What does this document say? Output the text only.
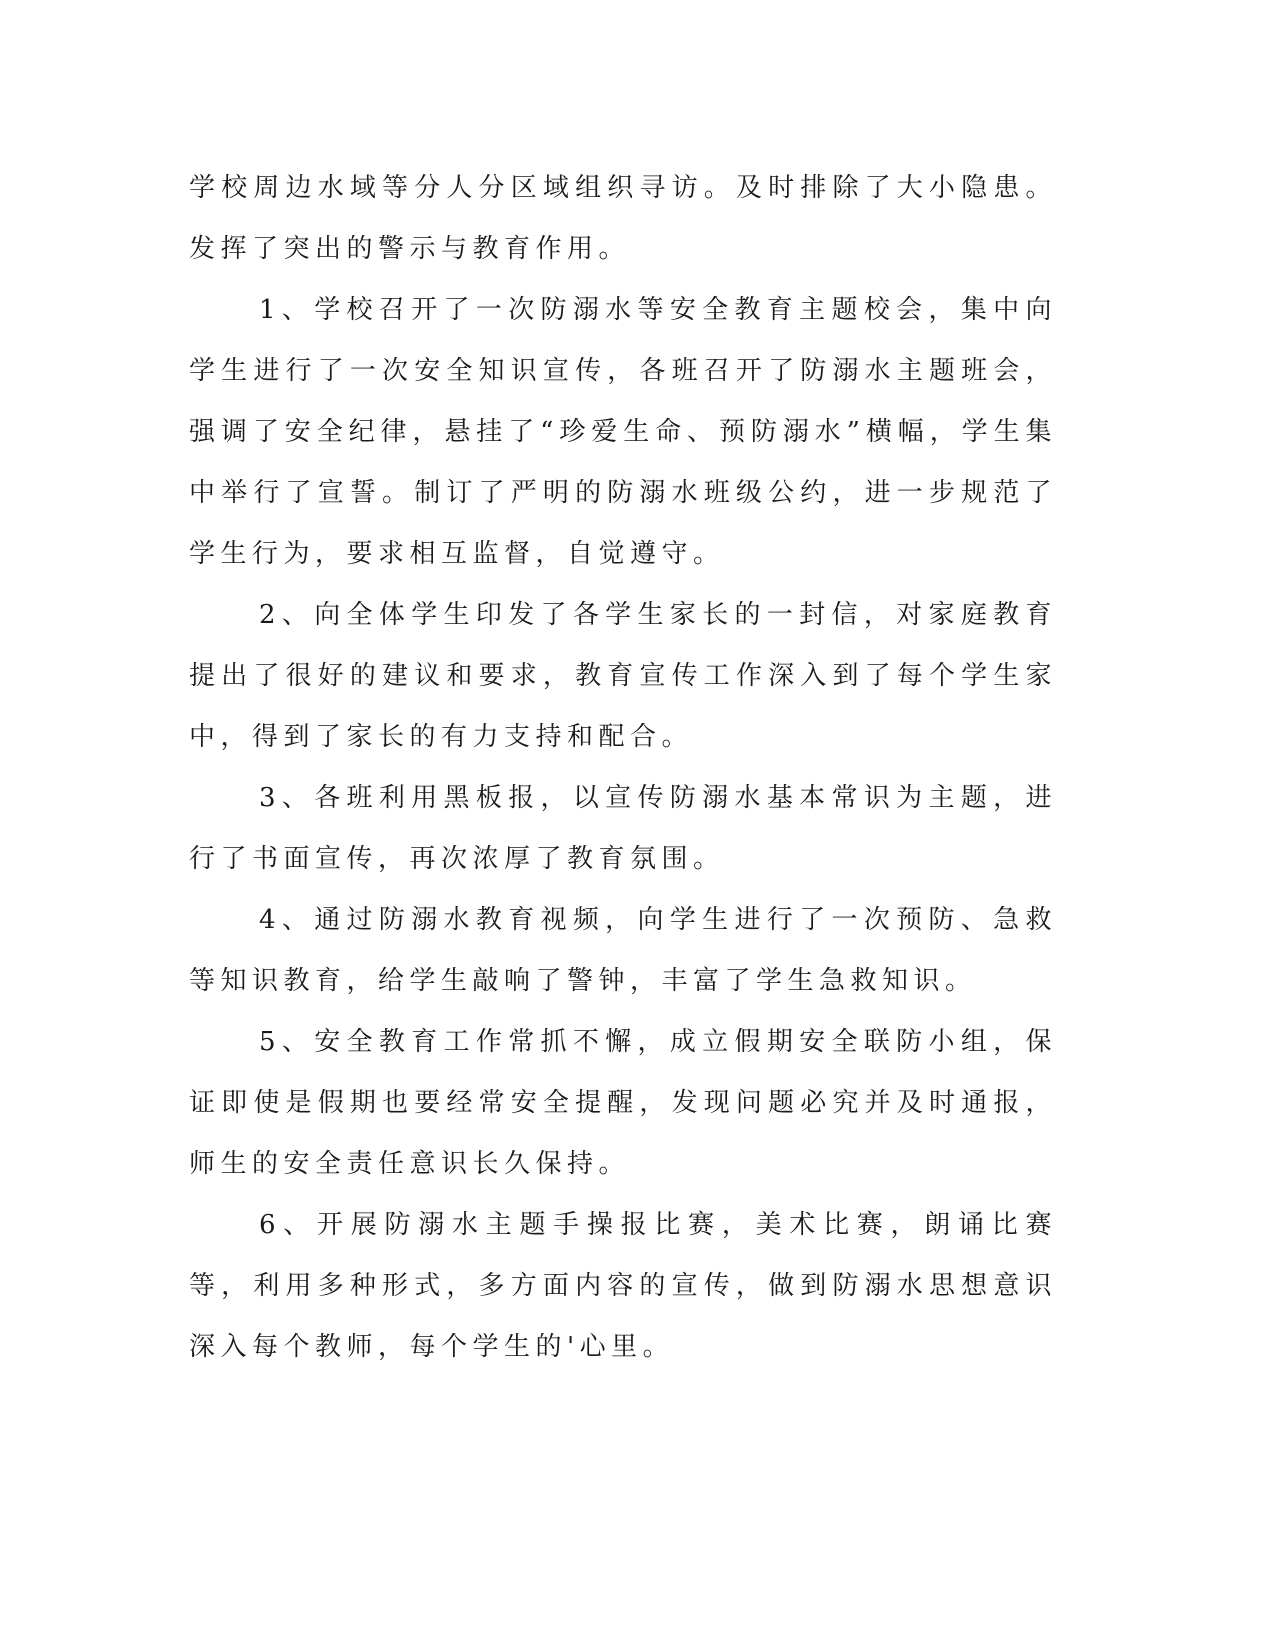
学校周边水域等分人分区域组织寻访。及时排除了大小隐患。发挥了突出的警示与教育作用。

1、学校召开了一次防溺水等安全教育主题校会，集中向学生进行了一次安全知识宣传，各班召开了防溺水主题班会，强调了安全纪律，悬挂了“珍爱生命、预防溺水”横幅，学生集中举行了宣誓。制订了严明的防溺水班级公约，进一步规范了学生行为，要求相互监督，自觉遵守。

2、向全体学生印发了各学生家长的一封信，对家庭教育提出了很好的建议和要求，教育宣传工作深入到了每个学生家中，得到了家长的有力支持和配合。

3、各班利用黑板报，以宣传防溺水基本常识为主题，进行了书面宣传，再次浓厚了教育氛围。

4、通过防溺水教育视频，向学生进行了一次预防、急救等知识教育，给学生敲响了警钟，丰富了学生急救知识。

5、安全教育工作常抓不懈，成立假期安全联防小组，保证即使是假期也要经常安全提醒，发现问题必究并及时通报，师生的安全责任意识长久保持。

6、开展防溺水主题手操报比赛，美术比赛，朗诵比赛等，利用多种形式，多方面内容的宣传，做到防溺水思想意识深入每个教师，每个学生的'心里。
